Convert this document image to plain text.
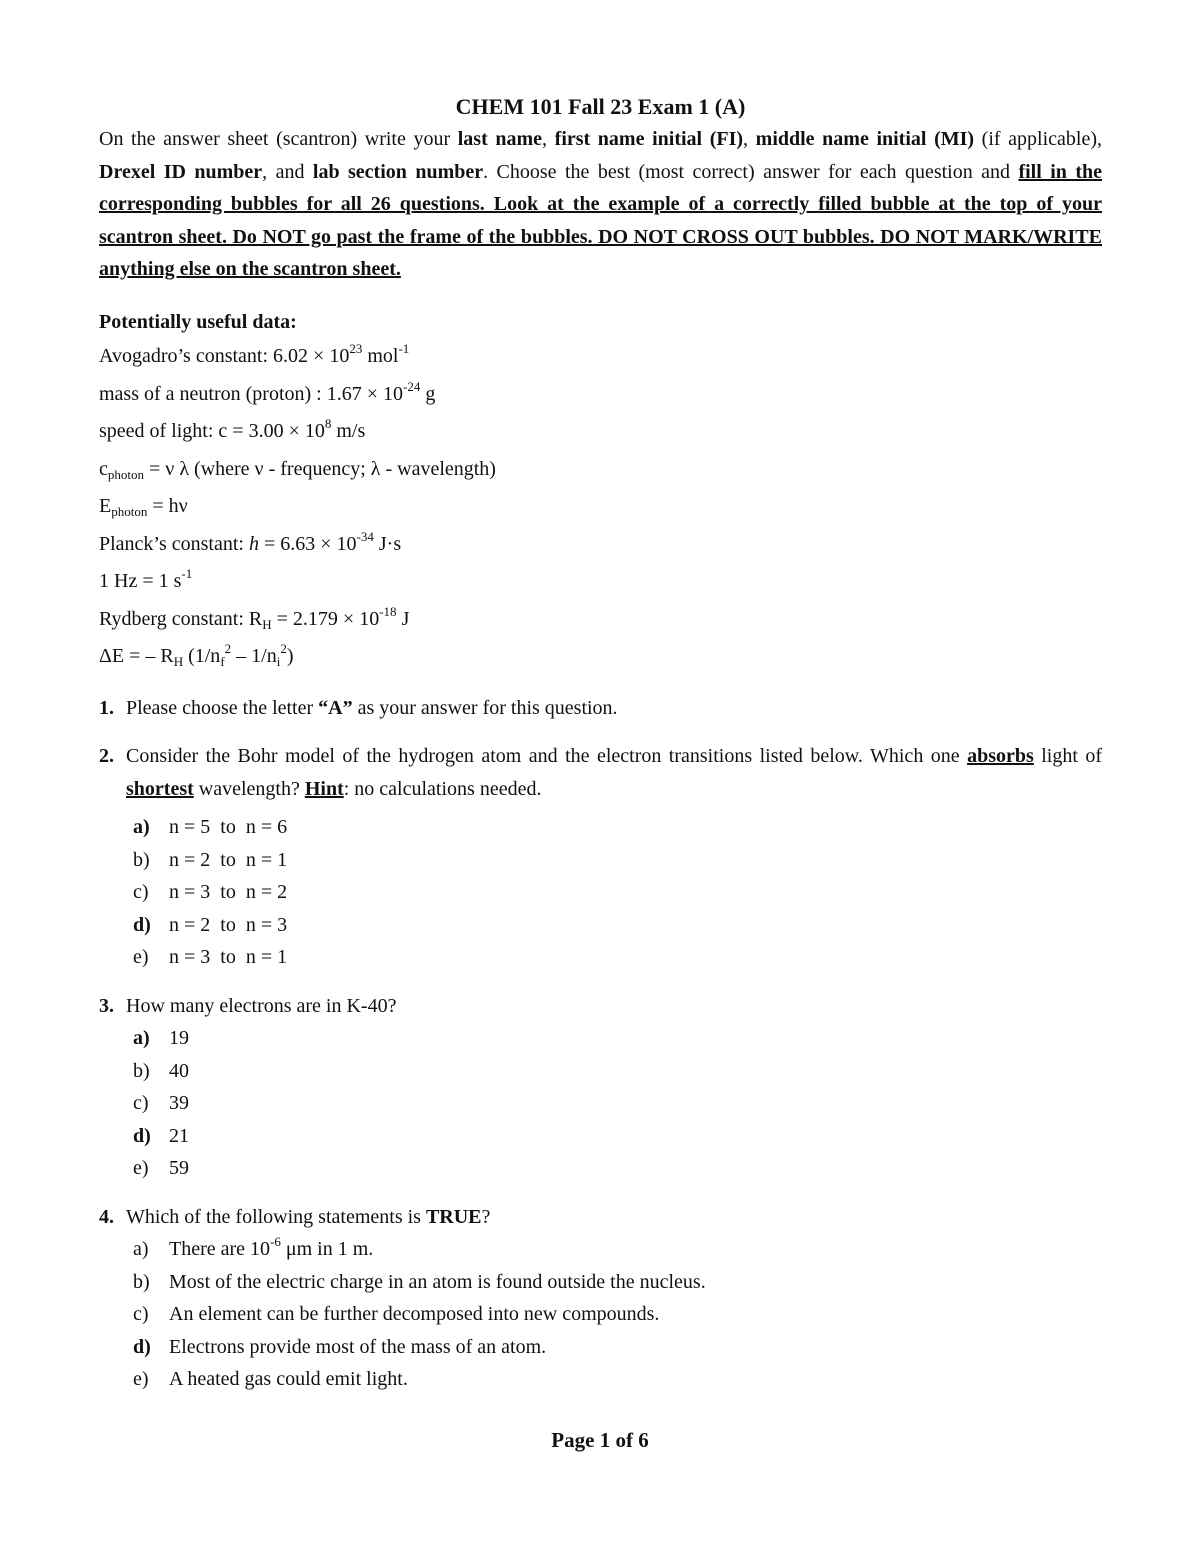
CHEM 101 Fall 23 Exam 1 (A)
On the answer sheet (scantron) write your last name, first name initial (FI), middle name initial (MI) (if applicable), Drexel ID number, and lab section number. Choose the best (most correct) answer for each question and fill in the corresponding bubbles for all 26 questions. Look at the example of a correctly filled bubble at the top of your scantron sheet. Do NOT go past the frame of the bubbles. DO NOT CROSS OUT bubbles. DO NOT MARK/WRITE anything else on the scantron sheet.
Potentially useful data:
Avogadro’s constant: $6.02 \times 10^{23}$ mol$^{-1}$
mass of a neutron (proton) : $1.67 \times 10^{-24}$ g
speed of light: $c = 3.00 \times 10^8$ m/s
$c_{photon} = \nu$ λ (where ν - frequency; λ - wavelength)
$E_{photon} = h\nu$
Planck’s constant: $h = 6.63 \times 10^{-34}$ J·s
1 Hz = 1 $s^{-1}$
Rydberg constant: $R_H = 2.179 \times 10^{-18}$ J
ΔE = – $R_H$ $(1/n_f^2 - 1/n_i^2)$
1. Please choose the letter “A” as your answer for this question.
2. Consider the Bohr model of the hydrogen atom and the electron transitions listed below. Which one absorbs light of shortest wavelength? Hint: no calculations needed.
a) n = 5  to  n = 6
b) n = 2  to  n = 1
c)	n = 3  to  n = 2
d) n = 2  to  n = 3
e)	n = 3  to  n = 1
3. How many electrons are in K-40?
a) 19
b) 40
c)	39
d) 21
e)	59
4. Which of the following statements is TRUE?
a)	There are $10^{-6}$ μm in 1 m.
b) Most of the electric charge in an atom is found outside the nucleus.
c)	An element can be further decomposed into new compounds.
d) Electrons provide most of the mass of an atom.
e)	A heated gas could emit light.
Page 1 of 6
